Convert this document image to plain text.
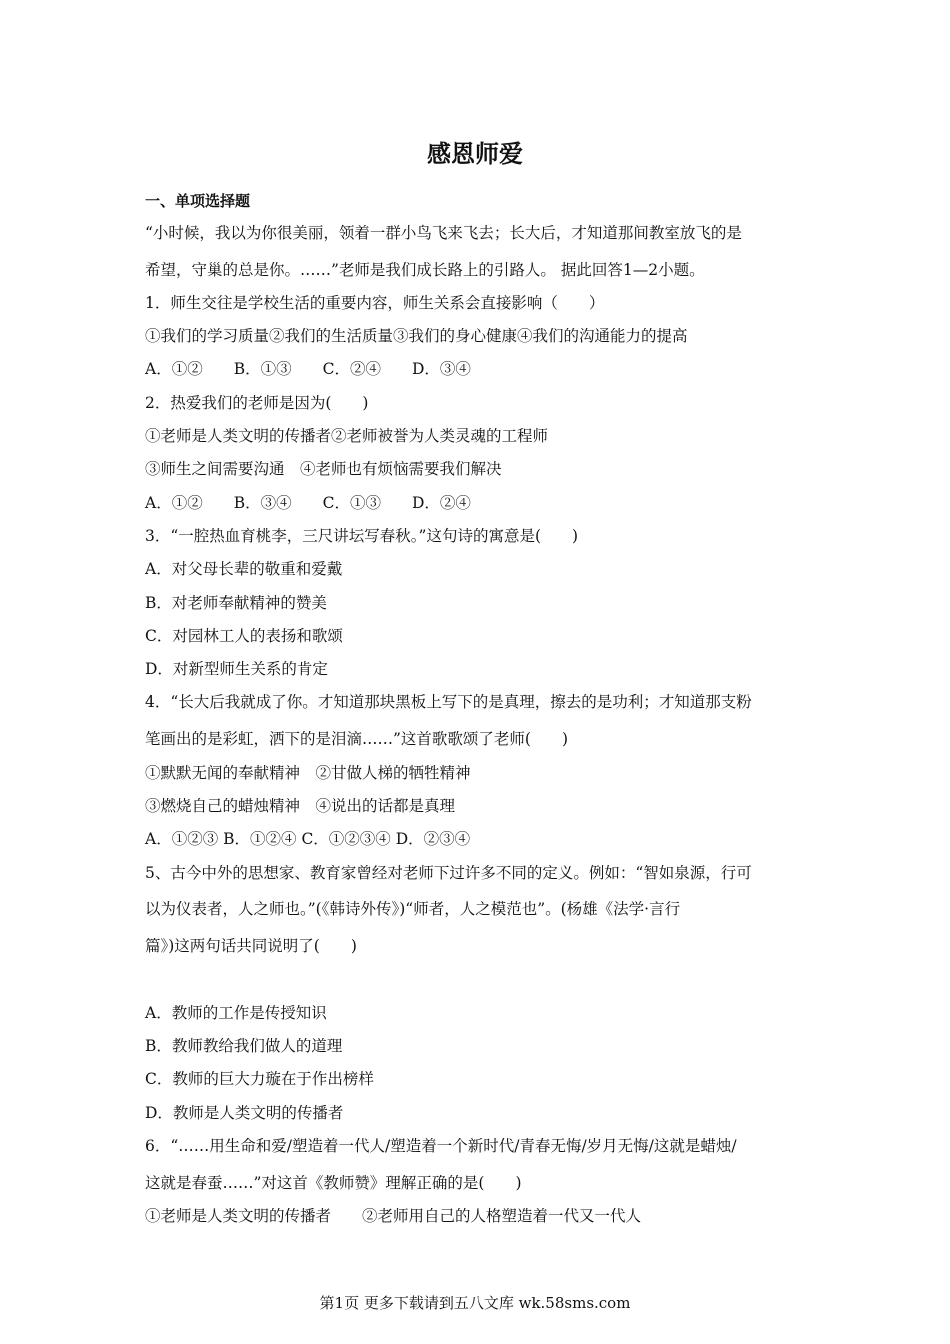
感恩师爱
一、单项选择题
“小时候，我以为你很美丽，领着一群小鸟飞来飞去；长大后，才知道那间教室放飞的是
希望，守巢的总是你。……”老师是我们成长路上的引路人。 据此回答1—2小题。
1．师生交往是学校生活的重要内容，师生关系会直接影响（　　）
①我们的学习质量②我们的生活质量③我们的身心健康④我们的沟通能力的提高
A．①②　　B．①③　　C．②④　　D．③④
2．热爱我们的老师是因为(　　)
①老师是人类文明的传播者②老师被誉为人类灵魂的工程师
③师生之间需要沟通　④老师也有烦恼需要我们解决
A．①②　　B．③④　　C．①③　　D．②④
3．“一腔热血育桃李，三尺讲坛写春秋。”这句诗的寓意是(　　)
A．对父母长辈的敬重和爱戴
B．对老师奉献精神的赞美
C．对园林工人的表扬和歌颂
D．对新型师生关系的肯定
4．“长大后我就成了你。才知道那块黑板上写下的是真理，擦去的是功利；才知道那支粉
笔画出的是彩虹，洒下的是泪滴……”这首歌歌颂了老师(　　)
①默默无闻的奉献精神　②甘做人梯的牺牲精神
③燃烧自己的蜡烛精神　④说出的话都是真理
A．①②③ B．①②④ C．①②③④ D．②③④
5、古今中外的思想家、教育家曾经对老师下过许多不同的定义。例如：“智如泉源，行可
以为仪表者，人之师也。”(《韩诗外传》)“师者，人之模范也”。(杨雄《法学·言行
篇》)这两句话共同说明了(　　)
A．教师的工作是传授知识
B．教师教给我们做人的道理
C．教师的巨大力璇在于作出榜样
D．教师是人类文明的传播者
6．“……用生命和爱/塑造着一代人/塑造着一个新时代/青春无悔/岁月无悔/这就是蜡烛/
这就是春蚕……”对这首《教师赞》理解正确的是(　　)
①老师是人类文明的传播者　　②老师用自己的人格塑造着一代又一代人
第1页 更多下载请到五八文库 wk.58sms.com
